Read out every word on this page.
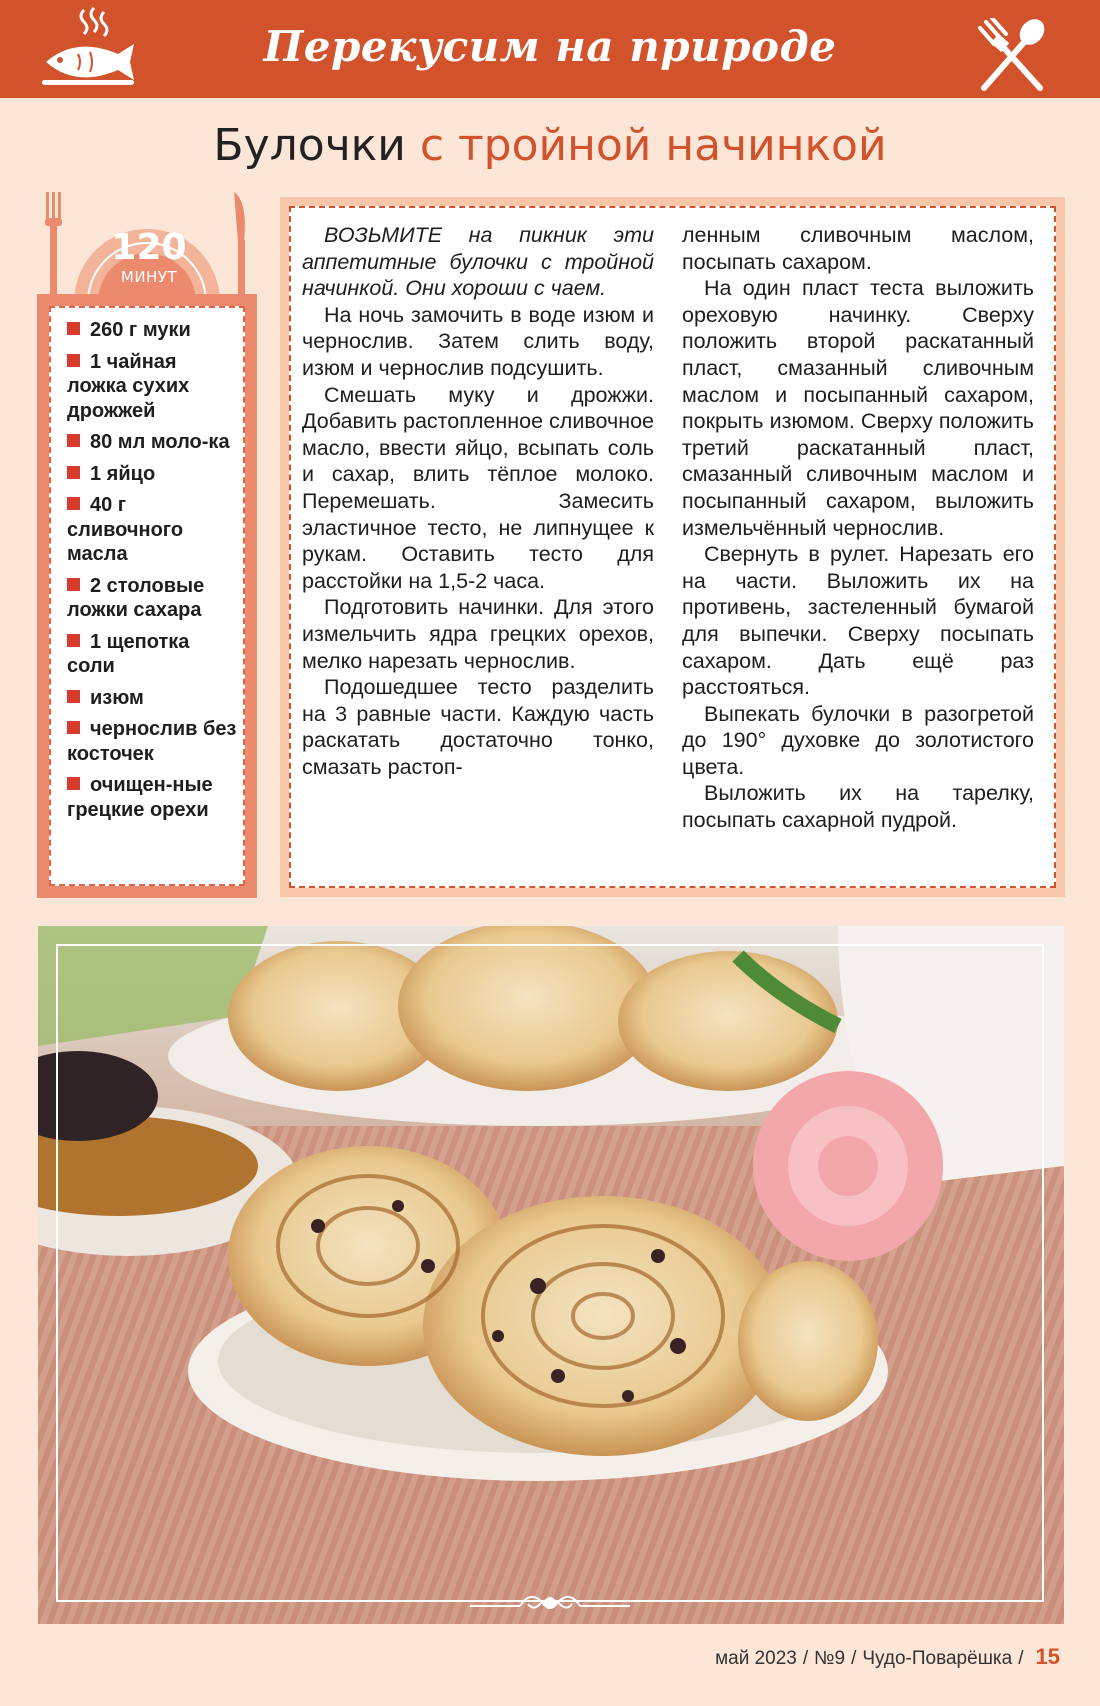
Перекусим на природе
Булочки с тройной начинкой
120
МИНУТ
260 г муки
1 чайная ложка сухих дрожжей
80 мл моло-ка
1 яйцо
40 г сливочного масла
2 столовые ложки сахара
1 щепотка соли
изюм
чернослив без косточек
очищен-ные грецкие орехи

ВОЗЬМИТЕ на пикник эти аппетитные булочки с тройной начинкой. Они хороши с чаем.

На ночь замочить в воде изюм и чернослив. Затем слить воду, изюм и чернослив подсушить.

Смешать муку и дрожжи. Добавить растопленное сливочное масло, ввести яйцо, всыпать соль и сахар, влить тёплое молоко. Перемешать. Замесить эластичное тесто, не липнущее к рукам. Оставить тесто для расстойки на 1,5-2 часа.

Подготовить начинки. Для этого измельчить ядра грецких орехов, мелко нарезать чернослив.

Подошедшее тесто разделить на 3 равные части. Каждую часть раскатать достаточно тонко, смазать растоп-

ленным сливочным маслом, посыпать сахаром.

На один пласт теста выложить ореховую начинку. Сверху положить второй раскатанный пласт, смазанный сливочным маслом и посыпанный сахаром, покрыть изюмом. Сверху положить третий раскатанный пласт, смазанный сливочным маслом и посыпанный сахаром, выложить измельчённый чернослив.

Свернуть в рулет. Нарезать его на части. Выложить их на противень, застеленный бумагой для выпечки. Сверху посыпать сахаром. Дать ещё раз расстояться.

Выпекать булочки в разогретой до 190° духовке до золотистого цвета.

Выложить их на тарелку, посыпать сахарной пудрой.

май 2023 / №9 / Чудо-Поварёшка / 15
